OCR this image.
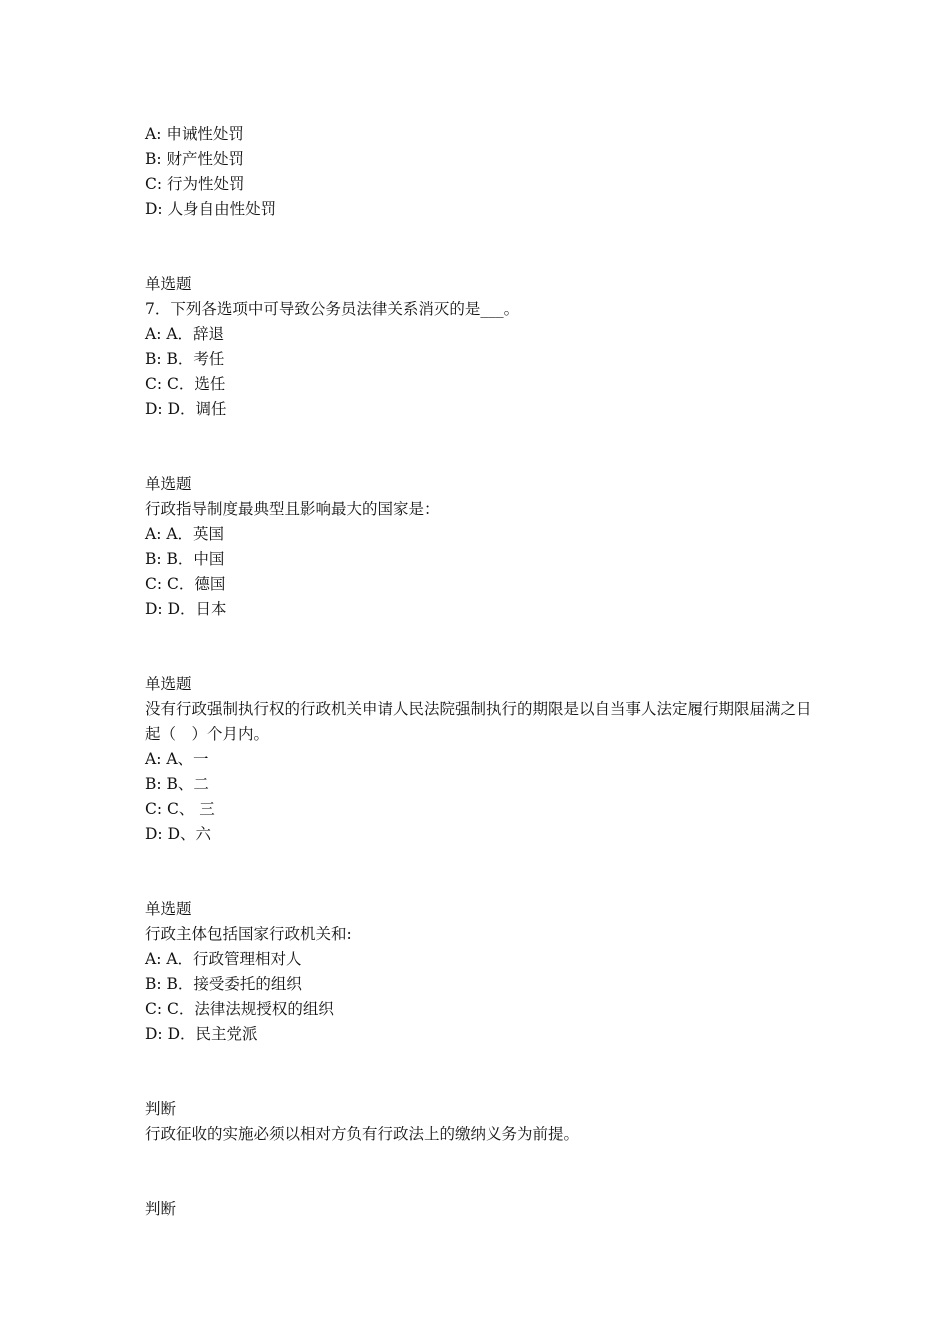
A: 申诫性处罚
B: 财产性处罚
C: 行为性处罚
D: 人身自由性处罚
单选题
7．下列各选项中可导致公务员法律关系消灭的是___。
A: A．辞退
B: B．考任
C: C．选任
D: D．调任
单选题
行政指导制度最典型且影响最大的国家是：
A: A．英国
B: B．中国
C: C．德国
D: D．日本
单选题
没有行政强制执行权的行政机关申请人民法院强制执行的期限是以自当事人法定履行期限届满之日起（　）个月内。
A: A、一
B: B、二
C: C、 三
D: D、六
单选题
行政主体包括国家行政机关和:
A: A．行政管理相对人
B: B．接受委托的组织
C: C．法律法规授权的组织
D: D．民主党派
判断
行政征收的实施必须以相对方负有行政法上的缴纳义务为前提。
判断
